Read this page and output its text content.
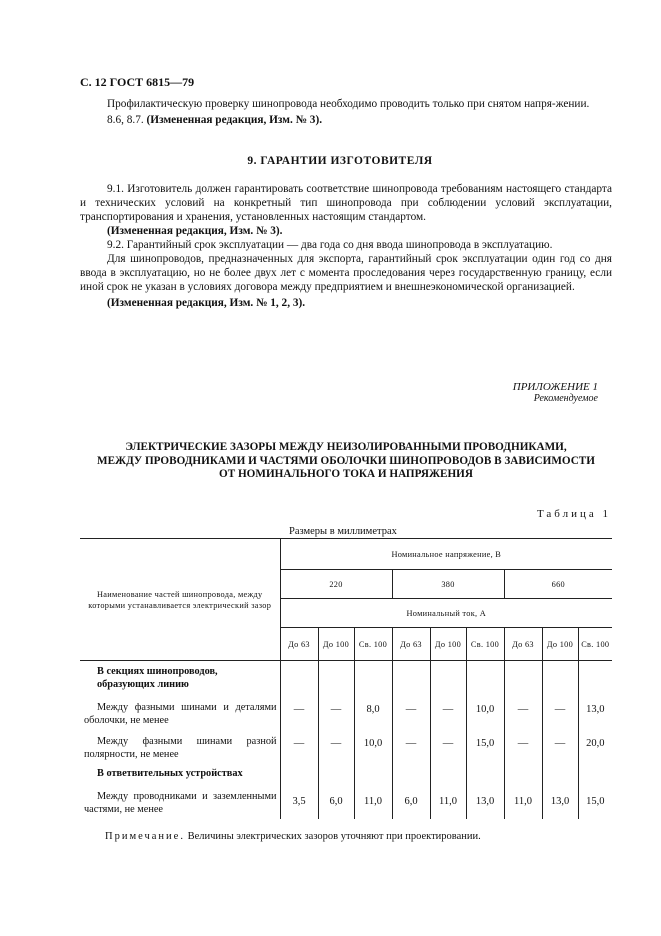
С. 12 ГОСТ 6815—79

Профилактическую проверку шинопровода необходимо проводить только при снятом напря-жении.

8.6, 8.7. (Измененная редакция, Изм. № 3).

9. ГАРАНТИИ ИЗГОТОВИТЕЛЯ

9.1. Изготовитель должен гарантировать соответствие шинопровода требованиям настоящего стандарта и технических условий на конкретный тип шинопровода при соблюдении условий эксплуатации, транспортирования и хранения, установленных настоящим стандартом.

(Измененная редакция, Изм. № 3).

9.2. Гарантийный срок эксплуатации — два года со дня ввода шинопровода в эксплуатацию.

Для шинопроводов, предназначенных для экспорта, гарантийный срок эксплуатации один год со дня ввода в эксплуатацию, но не более двух лет с момента проследования через государственную границу, если иной срок не указан в условиях договора между предприятием и внешнеэкономической организацией.

(Измененная редакция, Изм. № 1, 2, 3).

ПРИЛОЖЕНИЕ 1
Рекомендуемое
ЭЛЕКТРИЧЕСКИЕ ЗАЗОРЫ МЕЖДУ НЕИЗОЛИРОВАННЫМИ ПРОВОДНИКАМИ,
МЕЖДУ ПРОВОДНИКАМИ И ЧАСТЯМИ ОБОЛОЧКИ ШИНОПРОВОДОВ В ЗАВИСИМОСТИ
ОТ НОМИНАЛЬНОГО ТОКА И НАПРЯЖЕНИЯ
Таблица 1
Размеры в миллиметрах
Наименование частей шинопровода, между которыми устанавливается электрический зазор	Номинальное напряжение, В								
	220			380			660		
	Номинальный ток, А								
	До 63	До 100	Св. 100	До 63	До 100	Св. 100	До 63	До 100	Св. 100
В секциях шинопроводов, образующих линию									
Между фазными шинами и деталями оболочки, не менее	—	—	8,0	—	—	10,0	—	—	13,0
Между фазными шинами разной полярности, не менее	—	—	10,0	—	—	15,0	—	—	20,0
В ответвительных устройствах									
Между проводниками и заземленными частями, не менее	3,5	6,0	11,0	6,0	11,0	13,0	11,0	13,0	15,0
Примечание. Величины электрических зазоров уточняют при проектировании.
